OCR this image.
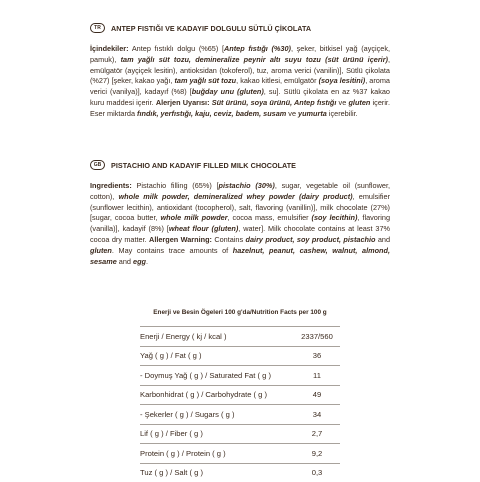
TR	ANTEP FISTIĞI VE KADAYIF DOLGULU SÜTLÜ ÇİKOLATA

İçindekiler: Antep fıstıklı dolgu (%65) [Antep fıstığı (%30), şeker, bitkisel yağ (ayçiçek, pamuk), tam yağlı süt tozu, demineralize peynir altı suyu tozu (süt ürünü içerir), emülgatör (ayçiçek lesitin), antioksidan (tokoferol), tuz, aroma verici (vanilin)], Sütlü çikolata (%27) [şeker, kakao yağı, tam yağlı süt tozu, kakao kitlesi, emülgatör (soya lesitini), aroma verici (vanilya)], kadayıf (%8) [buğday unu (gluten), su]. Sütlü çikolata en az %37 kakao kuru maddesi içerir. Alerjen Uyarısı: Süt ürünü, soya ürünü, Antep fıstığı ve gluten içerir. Eser miktarda fındık, yerfıstığı, kaju, ceviz, badem, susam ve yumurta içerebilir.

GB	PISTACHIO AND KADAYIF FILLED MILK CHOCOLATE

Ingredients: Pistachio filling (65%) [pistachio (30%), sugar, vegetable oil (sunflower, cotton), whole milk powder, demineralized whey powder (dairy product), emulsifier (sunflower lecithin), antioxidant (tocopherol), salt, flavoring (vanillin)], milk chocolate (27%) [sugar, cocoa butter, whole milk powder, cocoa mass, emulsifier (soy lecithin), flavoring (vanilla)], kadayif (8%) [wheat flour (gluten), water]. Milk chocolate contains at least 37% cocoa dry matter. Allergen Warning: Contains dairy product, soy product, pistachio and gluten. May contains trace amounts of hazelnut, peanut, cashew, walnut, almond, sesame and egg.

Enerji ve Besin Ögeleri 100 g'da/Nutrition Facts per 100 g
Enerji / Energy ( kj / kcal )	2337/560
Yağ ( g ) / Fat ( g )	36
- Doymuş Yağ ( g ) / Saturated Fat ( g )	11
Karbonhidrat ( g ) / Carbohydrate ( g )	49
- Şekerler ( g ) / Sugars ( g )	34
Lif ( g ) / Fiber ( g )	2,7
Protein ( g ) / Protein ( g )	9,2
Tuz ( g ) / Salt ( g )	0,3
